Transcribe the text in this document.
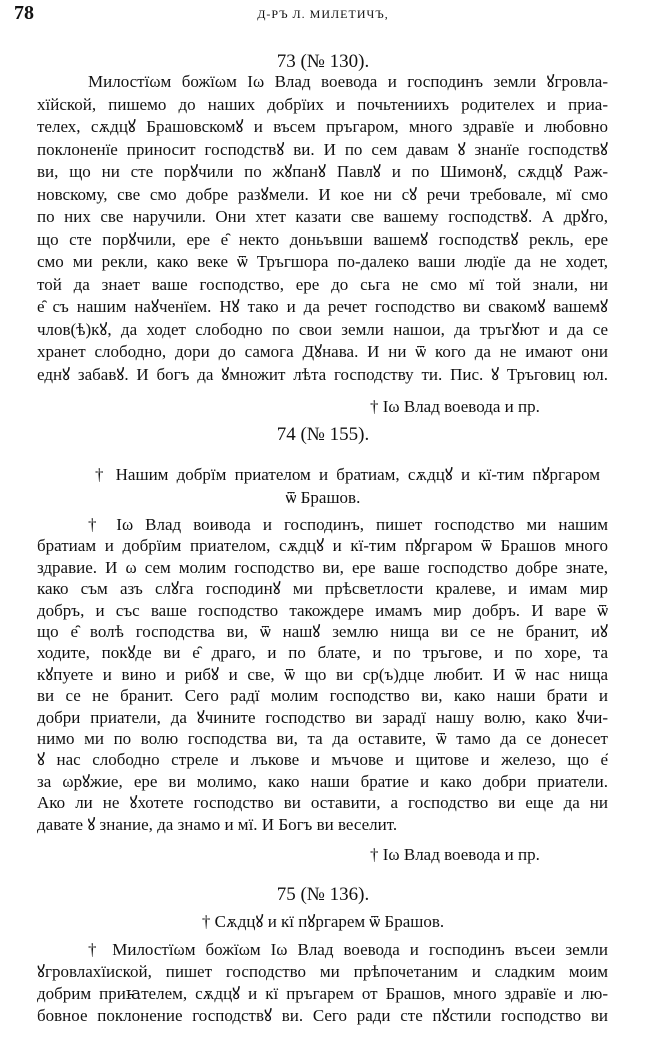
78	Д-РЪ Л. МИЛЕТИЧЪ,
73 (№ 130).
Милостїωм божїωм Іω Влад воевода и господинъ земли ꙋгровла-
хїйской, пишемо до наших добрїих и почьтениихъ родителех и приа-
телех, сѫдцꙋ Брашовскомꙋ и въсем пръгаром, много здравїе и любовно
поклоненїе приносит господствꙋ ви. И по сем давам ꙋ знанїе господствꙋ
ви, що ни сте порꙋчили по жꙋпанꙋ Павлꙋ и по Шимонꙋ, сѫдцꙋ Раж-
новскому, све смо добре разꙋмели. И кое ни сꙋ речи требовале, мї смо
по них све наручили. Они хтет казати све вашему господствꙋ. А дрꙋго,
що сте порꙋчили, ере е̑ некто доньъвши вашемꙋ господствꙋ рекль, ере
смо ми рекли, како веке ѿ Тръгшора по-далеко ваши людїе да не ходет,
той да знает ваше господство, ере до сьга не смо мї той знали, ни
е̑ съ нашим наꙋченїем. Нꙋ тако и да речет господство ви свакомꙋ вашемꙋ
члов(ѣ)кꙋ, да ходет слободно по свои земли нашои, да тръгꙋют и да се
хранет слободно, дори до самога Дꙋнава. И ни ѿ кого да не имают они
еднꙋ забавꙋ. И богъ да ꙋмножит лѣта господству ти. Пис. ꙋ Тръговиц юл.
† Іω Влад воевода и пр.
74 (№ 155).
† Нашим добрїм приателом и братиам, сѫдцꙋ и кї-тим пꙋргаром
ѿ Брашов.
† Іω Влад воивода и господинъ, пишет господство ми нашим
братиам и добрїим приателом, сѫдцꙋ и кї-тим пꙋргаром ѿ Брашов много
здравие. И ω сем молим господство ви, ере ваше господство добре знате,
како съм азъ слꙋга господинꙋ ми прѣсветлости кралеве, и имам мир
добръ, и със ваше господство такождере имамъ мир добръ. И варе ѿ
що е̑ волѣ господства ви, ѿ нашꙋ землю нища ви се не бранит, иꙋ
ходите, покꙋде ви е̑ драго, и по блате, и по тръгове, и по хоре, та
кꙋпуете и вино и рибꙋ и све, ѿ що ви ср(ъ)дце любит. И ѿ нас нища
ви се не бранит. Сего радї молим господство ви, како наши брати и
добри приатели, да ꙋчините господство ви зарадї нашу волю, како ꙋчи-
нимо ми по волю господства ви, та да оставите, ѿ тамо да се донесет
ꙋ нас слободно стреле и лъкове и мъчове и щитове и железо, що е̑
за ωрꙋжие, ере ви молимо, како наши братие и како добри приатели.
Ако ли не ꙋхотете господство ви оставити, а господство ви еще да ни
давате ꙋ знание, да знамо и мї. И Богъ ви веселит.
† Іω Влад воевода и пр.
75 (№ 136).
† Сѫдцꙋ и кї пꙋргарем ѿ Брашов.
† Милостїωм божїωм Іω Влад воевода и господинъ въсеи земли
ꙋгровлахїиской, пишет господство ми прѣпочетаним и сладким моим
добрим приꙗтелем, сѫдцꙋ и кї пръгарем от Брашов, много здравїе и лю-
бовное поклонение господствꙋ ви. Сего ради сте пꙋстили господство ви
